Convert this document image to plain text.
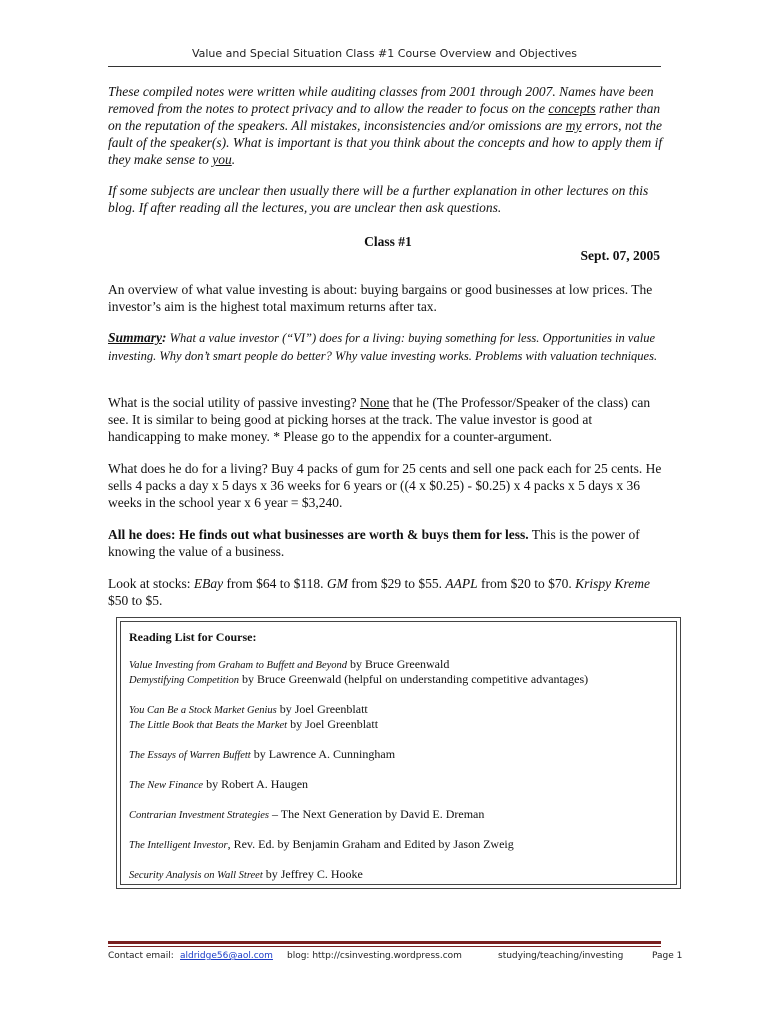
Value and Special Situation Class #1 Course Overview and Objectives

These compiled notes were written while auditing classes from 2001 through 2007. Names have been removed from the notes to protect privacy and to allow the reader to focus on the concepts rather than on the reputation of the speakers. All mistakes, inconsistencies and/or omissions are my errors, not the fault of the speaker(s). What is important is that you think about the concepts and how to apply them if they make sense to you.

If some subjects are unclear then usually there will be a further explanation in other lectures on this blog. If after reading all the lectures, you are unclear then ask questions.

Class #1
Sept. 07, 2005

An overview of what value investing is about: buying bargains or good businesses at low prices. The investor’s aim is the highest total maximum returns after tax.

Summary: What a value investor (“VI”) does for a living: buying something for less. Opportunities in value investing. Why don’t smart people do better? Why value investing works. Problems with valuation techniques.

What is the social utility of passive investing? None that he (The Professor/Speaker of the class) can see. It is similar to being good at picking horses at the track. The value investor is good at handicapping to make money. * Please go to the appendix for a counter-argument.

What does he do for a living? Buy 4 packs of gum for 25 cents and sell one pack each for 25 cents. He sells 4 packs a day x 5 days x 36 weeks for 6 years or ((4 x $0.25) - $0.25) x 4 packs x 5 days x 36 weeks in the school year x 6 year = $3,240.

All he does: He finds out what businesses are worth & buys them for less. This is the power of knowing the value of a business.

Look at stocks: EBay from $64 to $118. GM from $29 to $55. AAPL from $20 to $70. Krispy Kreme $50 to $5.

Reading List for Course:
Value Investing from Graham to Buffett and Beyond by Bruce Greenwald
Demystifying Competition by Bruce Greenwald (helpful on understanding competitive advantages)
You Can Be a Stock Market Genius by Joel Greenblatt
The Little Book that Beats the Market by Joel Greenblatt
The Essays of Warren Buffett by Lawrence A. Cunningham
The New Finance by Robert A. Haugen
Contrarian Investment Strategies – The Next Generation by David E. Dreman
The Intelligent Investor, Rev. Ed. by Benjamin Graham and Edited by Jason Zweig
Security Analysis on Wall Street by Jeffrey C. Hooke
Contact email: aldridge56@aol.com blog: http://csinvesting.wordpress.com	studying/teaching/investing	Page 1
